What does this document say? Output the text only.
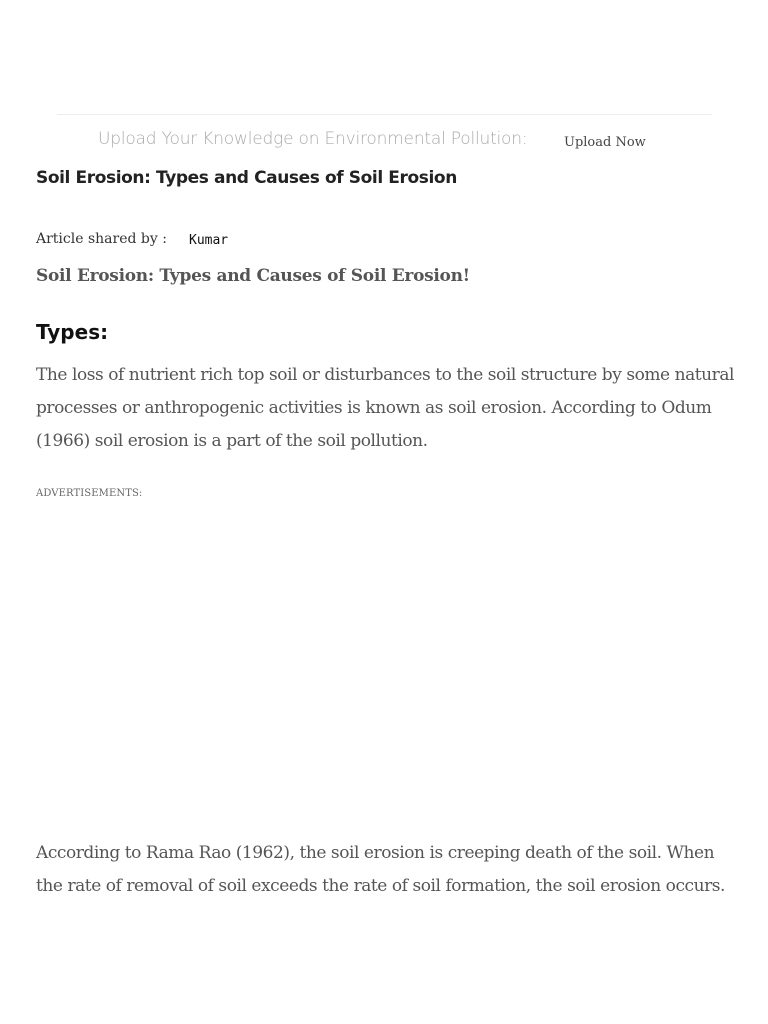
Upload Your Knowledge on Environmental Pollution:	Upload Now
Soil Erosion: Types and Causes of Soil Erosion
Article shared by : Kumar

Soil Erosion: Types and Causes of Soil Erosion!

Types:

The loss of nutrient rich top soil or disturbances to the soil structure by some natural processes or anthropogenic activities is known as soil erosion. According to Odum (1966) soil erosion is a part of the soil pollution.

ADVERTISEMENTS:

According to Rama Rao (1962), the soil erosion is creeping death of the soil. When the rate of removal of soil exceeds the rate of soil formation, the soil erosion occurs.
